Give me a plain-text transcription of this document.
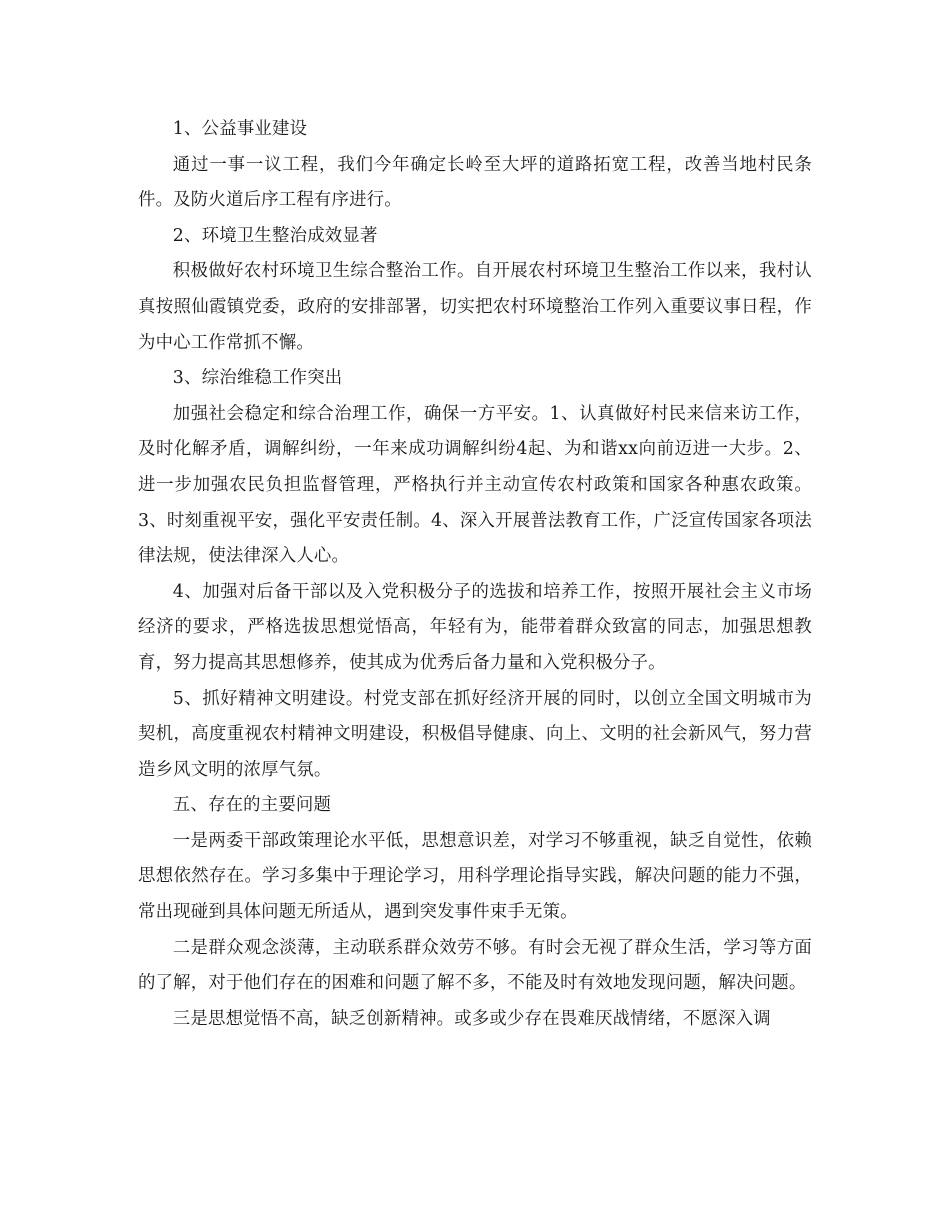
1、公益事业建设

通过一事一议工程，我们今年确定长岭至大坪的道路拓宽工程，改善当地村民条件。及防火道后序工程有序进行。

2、环境卫生整治成效显著

积极做好农村环境卫生综合整治工作。自开展农村环境卫生整治工作以来，我村认真按照仙霞镇党委，政府的安排部署，切实把农村环境整治工作列入重要议事日程，作为中心工作常抓不懈。

3、综治维稳工作突出

加强社会稳定和综合治理工作，确保一方平安。1、认真做好村民来信来访工作，及时化解矛盾，调解纠纷，一年来成功调解纠纷4起、为和谐xx向前迈进一大步。2、进一步加强农民负担监督管理，严格执行并主动宣传农村政策和国家各种惠农政策。3、时刻重视平安，强化平安责任制。4、深入开展普法教育工作，广泛宣传国家各项法律法规，使法律深入人心。

4、加强对后备干部以及入党积极分子的选拔和培养工作，按照开展社会主义市场经济的要求，严格选拔思想觉悟高，年轻有为，能带着群众致富的同志，加强思想教育，努力提高其思想修养，使其成为优秀后备力量和入党积极分子。

5、抓好精神文明建设。村党支部在抓好经济开展的同时，以创立全国文明城市为契机，高度重视农村精神文明建设，积极倡导健康、向上、文明的社会新风气，努力营造乡风文明的浓厚气氛。

五、存在的主要问题

一是两委干部政策理论水平低，思想意识差，对学习不够重视，缺乏自觉性，依赖思想依然存在。学习多集中于理论学习，用科学理论指导实践，解决问题的能力不强，常出现碰到具体问题无所适从，遇到突发事件束手无策。

二是群众观念淡薄，主动联系群众效劳不够。有时会无视了群众生活，学习等方面的了解，对于他们存在的困难和问题了解不多，不能及时有效地发现问题，解决问题。

三是思想觉悟不高，缺乏创新精神。或多或少存在畏难厌战情绪，不愿深入调
